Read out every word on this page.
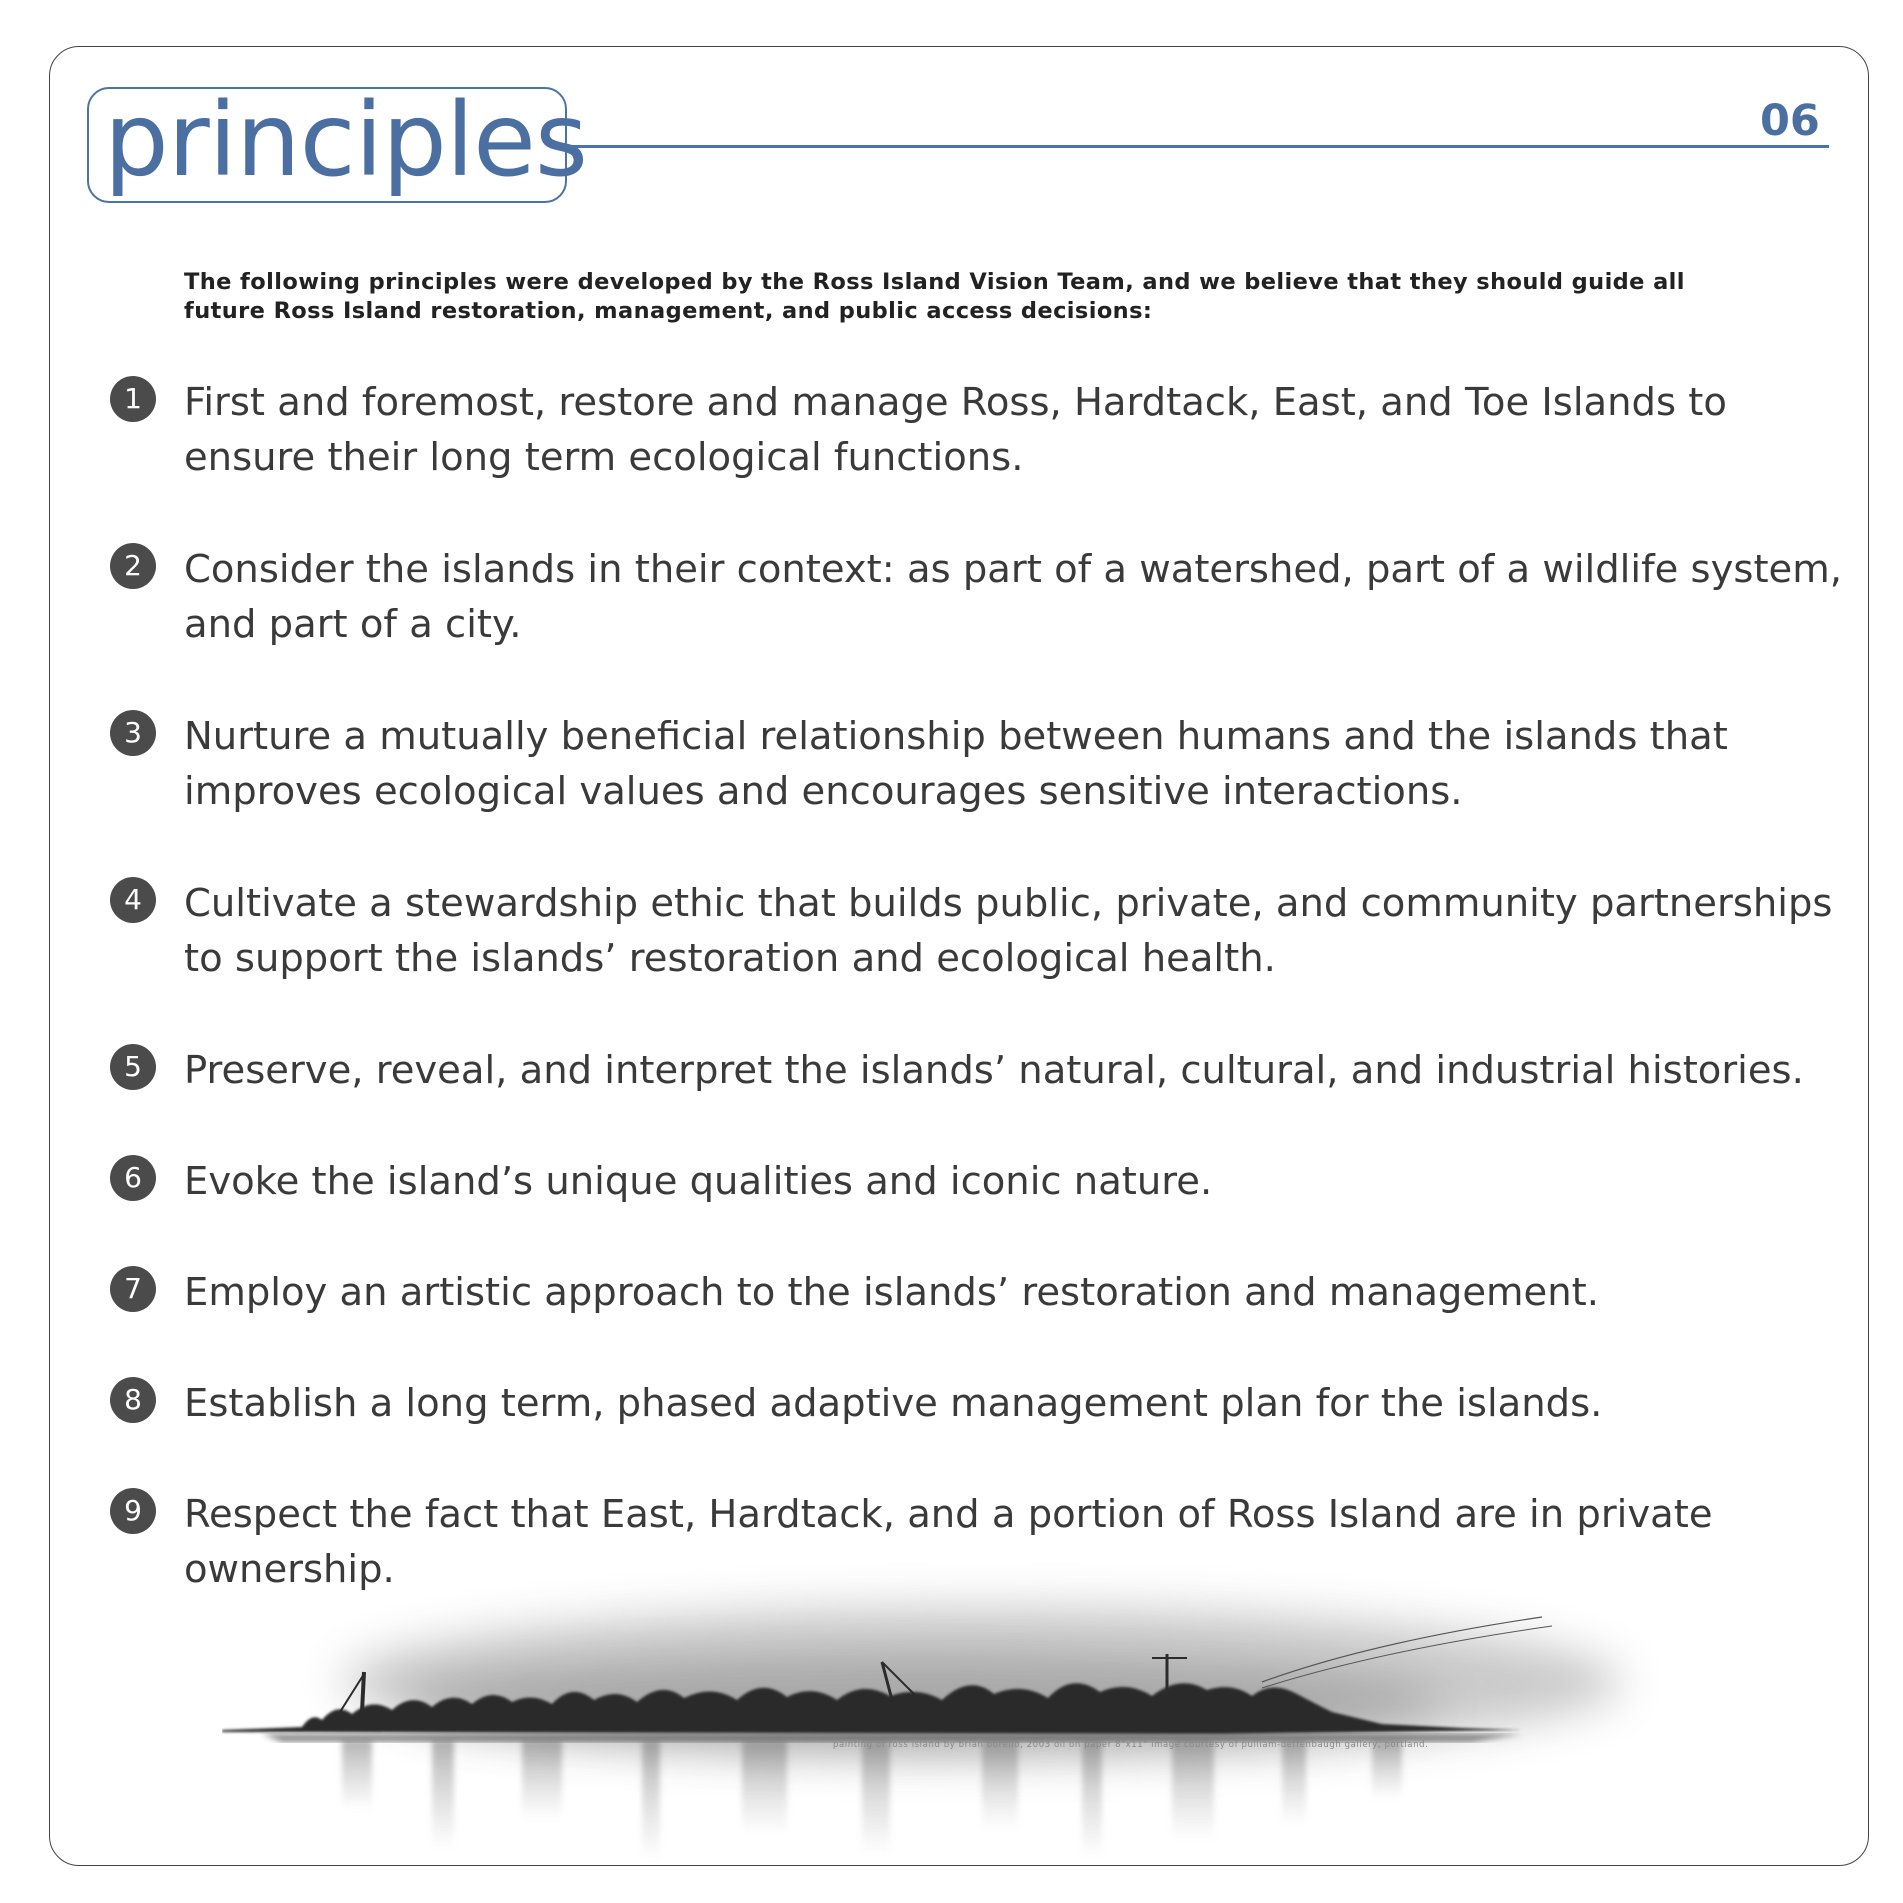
principles	06
The following principles were developed by the Ross Island Vision Team, and we believe that they should guide all future Ross Island restoration, management, and public access decisions:
1	First and foremost, restore and manage Ross, Hardtack, East, and Toe Islands to ensure their long term ecological functions.
2	Consider the islands in their context: as part of a watershed, part of a wildlife system, and part of a city.
3	Nurture a mutually beneficial relationship between humans and the islands that improves ecological values and encourages sensitive interactions.
4	Cultivate a stewardship ethic that builds public, private, and community partnerships to support the islands’ restoration and ecological health.
5	Preserve, reveal, and interpret the islands’ natural, cultural, and industrial histories.
6	Evoke the island’s unique qualities and iconic nature.
7	Employ an artistic approach to the islands’ restoration and management.
8	Establish a long term, phased adaptive management plan for the islands.
9	Respect the fact that East, Hardtack, and a portion of Ross Island are in private ownership.
painting of ross island by brian borello, 2003 oil on paper 8"x11" image courtesy of pulliam-deffenbaugh gallery, portland.
